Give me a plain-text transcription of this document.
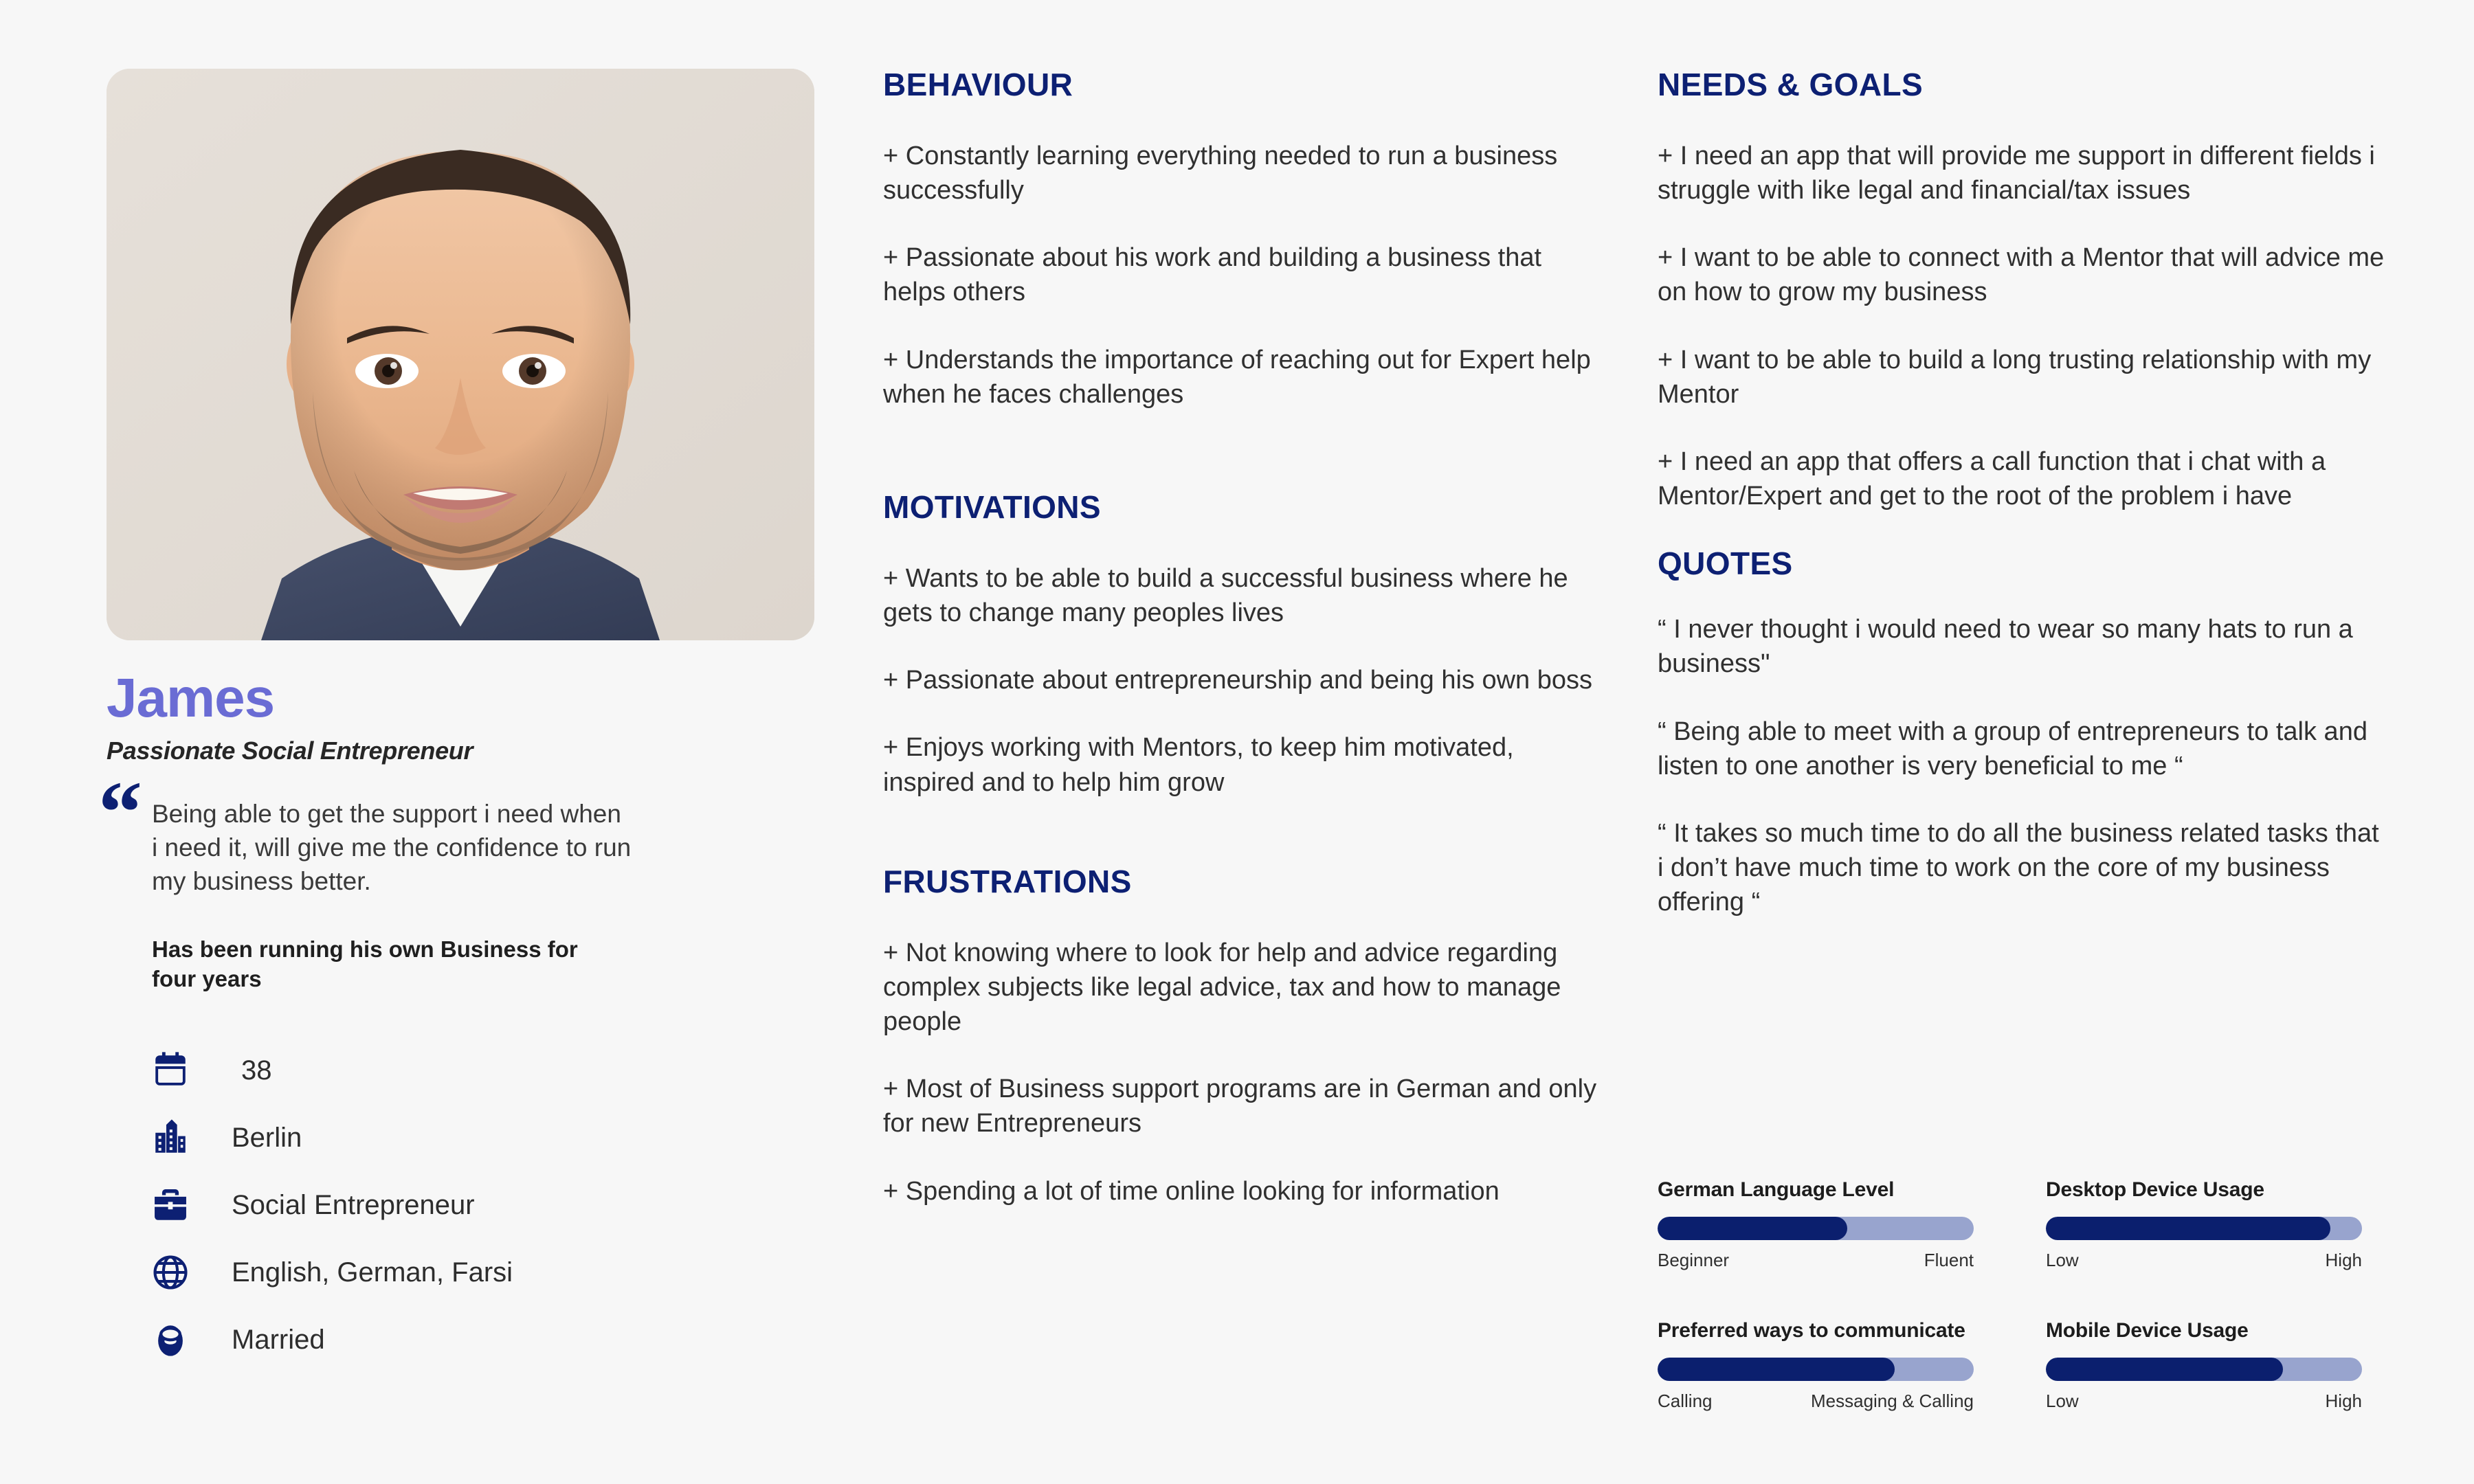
James
Passionate Social Entrepreneur
“ Being able to get the support i need when i need it, will give me the confidence to run my business better.
Has been running his own Business for four years
38
Berlin
Social Entrepreneur
English, German, Farsi
Married
BEHAVIOUR
+ Constantly learning everything needed to run a business successfully
+ Passionate about his work and building a business that helps others
+ Understands the importance of reaching out for Expert help when he faces challenges
MOTIVATIONS
+ Wants to be able to build a successful business where he gets to change many peoples lives
+ Passionate about entrepreneurship and being his own boss
+ Enjoys working with Mentors, to keep him motivated, inspired and to help him grow
FRUSTRATIONS
+ Not knowing where to look for help and advice regarding complex subjects like legal advice, tax and how to manage people
+ Most of Business support programs are in German and only for new Entrepreneurs
+ Spending a lot of time online looking for information
NEEDS & GOALS
+ I need an app that will provide me support in different fields i struggle with like legal and financial/tax issues
+ I want to be able to connect with a Mentor that will advice me on how to grow my business
+ I want to be able to build a long trusting relationship with my Mentor
+ I need an app that offers a call function that i chat with a Mentor/Expert and get to the root of the problem i have
QUOTES
“ I never thought i would need to wear so many hats to run a business"
“ Being able to meet with a group of entrepreneurs to talk and listen to one another is very beneficial to me “
“ It takes so much time to do all the business related tasks that i don’t have much time to work on the core of my business offering “
German Language Level
Beginner	Fluent
Desktop Device Usage
Low	High
Preferred ways to communicate
Calling	Messaging & Calling
Mobile Device Usage
Low	High
